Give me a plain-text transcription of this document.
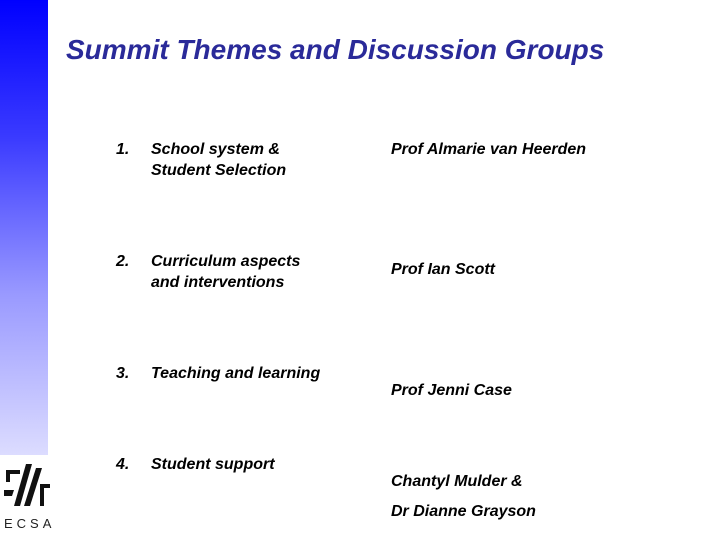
ECSA
Summit Themes and Discussion Groups
1. School system &
Student Selection
Prof Almarie van Heerden
2. Curriculum aspects
and interventions
Prof Ian Scott
3. Teaching and learning
Prof Jenni Case
4. Student support
Chantyl Mulder &
Dr Dianne Grayson
